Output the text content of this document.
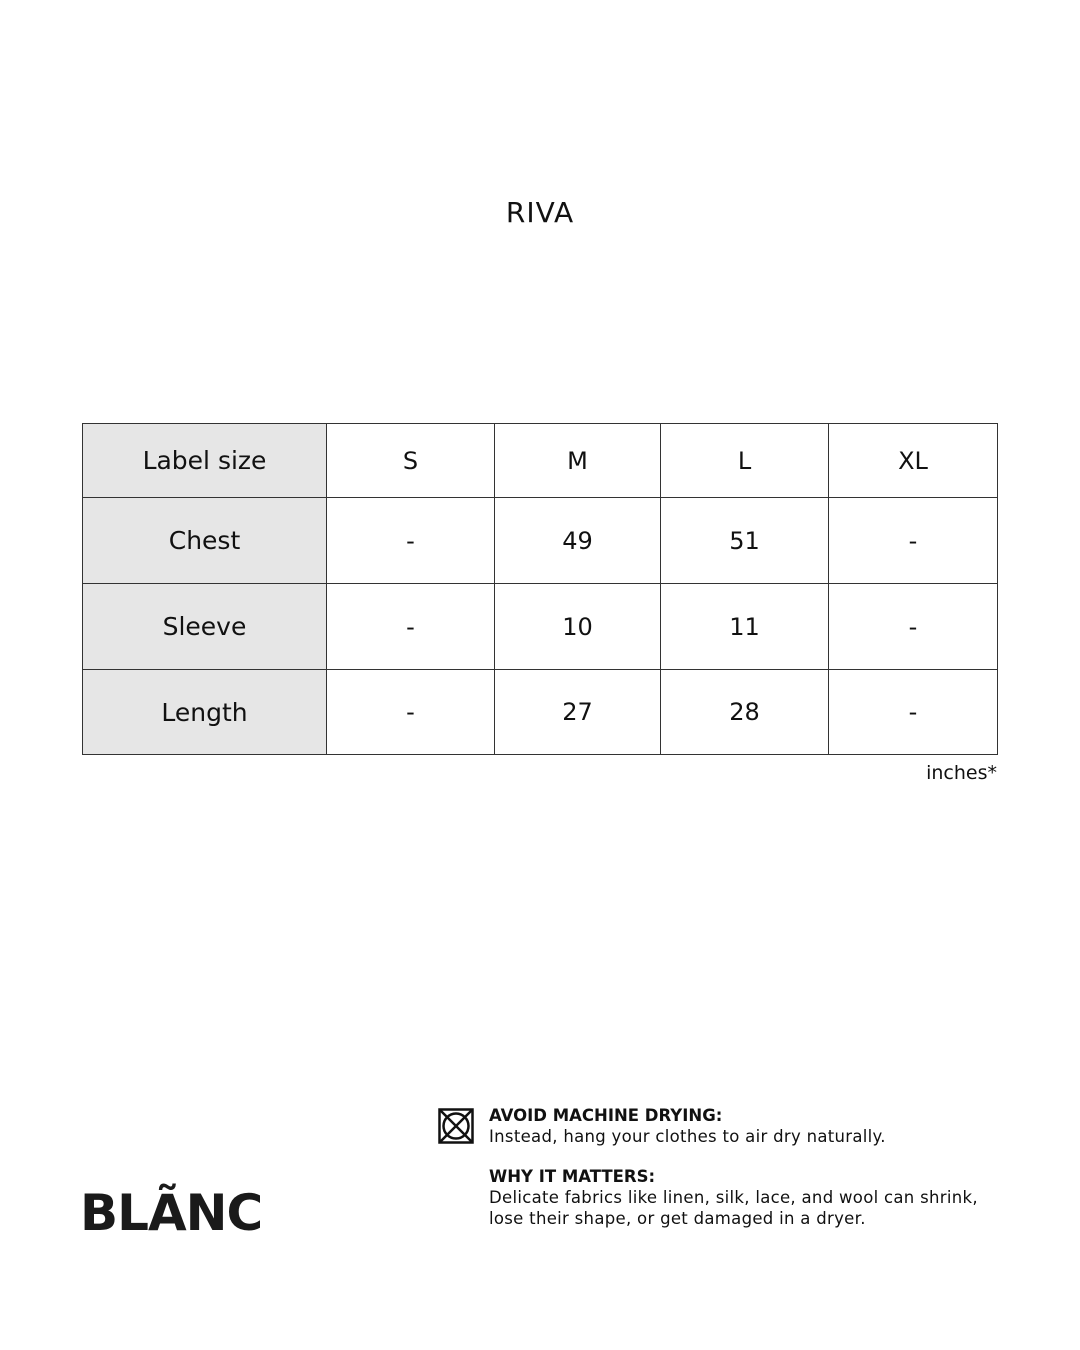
RIVA
Label size	S	M	L	XL
Chest	-	49	51	-
Sleeve	-	10	11	-
Length	-	27	28	-
inches*
BLÃNC
AVOID MACHINE DRYING:
Instead, hang your clothes to air dry naturally.
WHY IT MATTERS:
Delicate fabrics like linen, silk, lace, and wool can shrink,
lose their shape, or get damaged in a dryer.
